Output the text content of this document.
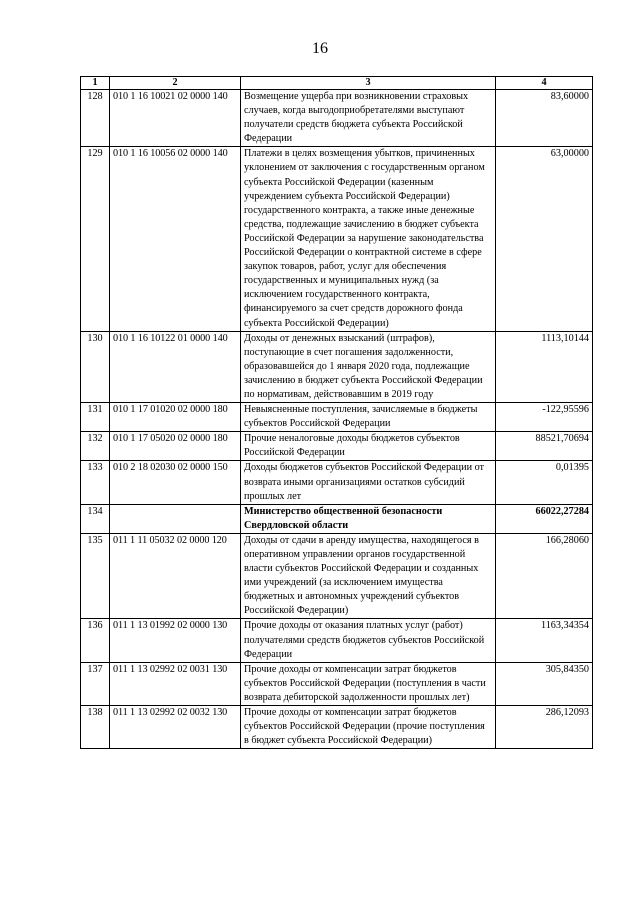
16
1	2	3	4
128	010 1 16 10021 02 0000 140	Возмещение ущерба при возникновении страховых случаев, когда выгодоприобретателями выступают получатели средств бюджета субъекта Российской Федерации	83,60000
129	010 1 16 10056 02 0000 140	Платежи в целях возмещения убытков, причиненных уклонением от заключения с государственным органом субъекта Российской Федерации (казенным учреждением субъекта Российской Федерации) государственного контракта, а также иные денежные средства, подлежащие зачислению в бюджет субъекта Российской Федерации за нарушение законодательства Российской Федерации о контрактной системе в сфере закупок товаров, работ, услуг для обеспечения государственных и муниципальных нужд (за исключением государственного контракта, финансируемого за счет средств дорожного фонда субъекта Российской Федерации)	63,00000
130	010 1 16 10122 01 0000 140	Доходы от денежных взысканий (штрафов), поступающие в счет погашения задолженности, образовавшейся до 1 января 2020 года, подлежащие зачислению в бюджет субъекта Российской Федерации по нормативам, действовавшим в 2019 году	1113,10144
131	010 1 17 01020 02 0000 180	Невыясненные поступления, зачисляемые в бюджеты субъектов Российской Федерации	-122,95596
132	010 1 17 05020 02 0000 180	Прочие неналоговые доходы бюджетов субъектов Российской Федерации	88521,70694
133	010 2 18 02030 02 0000 150	Доходы бюджетов субъектов Российской Федерации от возврата иными организациями остатков субсидий прошлых лет	0,01395
134		Министерство общественной безопасности Свердловской области	66022,27284
135	011 1 11 05032 02 0000 120	Доходы от сдачи в аренду имущества, находящегося в оперативном управлении органов государственной власти субъектов Российской Федерации и созданных ими учреждений (за исключением имущества бюджетных и автономных учреждений субъектов Российской Федерации)	166,28060
136	011 1 13 01992 02 0000 130	Прочие доходы от оказания платных услуг (работ) получателями средств бюджетов субъектов Российской Федерации	1163,34354
137	011 1 13 02992 02 0031 130	Прочие доходы от компенсации затрат бюджетов субъектов Российской Федерации (поступления в части возврата дебиторской задолженности прошлых лет)	305,84350
138	011 1 13 02992 02 0032 130	Прочие доходы от компенсации затрат бюджетов субъектов Российской Федерации (прочие поступления в бюджет субъекта Российской Федерации)	286,12093
